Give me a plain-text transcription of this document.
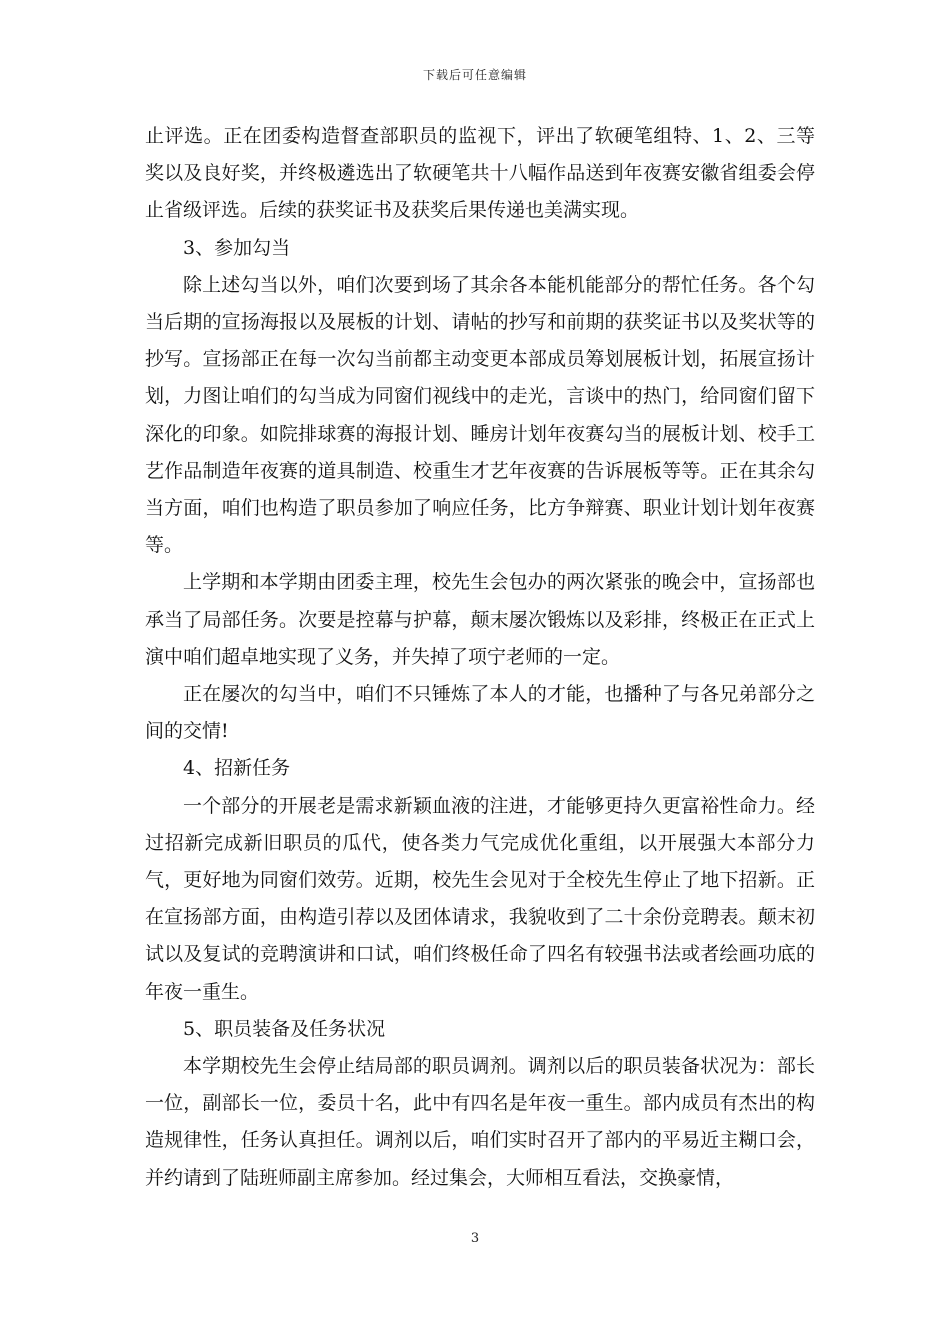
下载后可任意编辑

止评选。正在团委构造督查部职员的监视下，评出了软硬笔组特、1、2、三等奖以及良好奖，并终极遴选出了软硬笔共十八幅作品送到年夜赛安徽省组委会停止省级评选。后续的获奖证书及获奖后果传递也美满实现。

3、参加勾当

除上述勾当以外，咱们次要到场了其余各本能机能部分的帮忙任务。各个勾当后期的宣扬海报以及展板的计划、请帖的抄写和前期的获奖证书以及奖状等的抄写。宣扬部正在每一次勾当前都主动变更本部成员筹划展板计划，拓展宣扬计划，力图让咱们的勾当成为同窗们视线中的走光，言谈中的热门，给同窗们留下深化的印象。如院排球赛的海报计划、睡房计划年夜赛勾当的展板计划、校手工艺作品制造年夜赛的道具制造、校重生才艺年夜赛的告诉展板等等。正在其余勾当方面，咱们也构造了职员参加了响应任务，比方争辩赛、职业计划计划年夜赛等。

上学期和本学期由团委主理，校先生会包办的两次紧张的晚会中，宣扬部也承当了局部任务。次要是控幕与护幕，颠末屡次锻炼以及彩排，终极正在正式上演中咱们超卓地实现了义务，并失掉了项宁老师的一定。

正在屡次的勾当中，咱们不只锤炼了本人的才能，也播种了与各兄弟部分之间的交情!

4、招新任务

一个部分的开展老是需求新颖血液的注进，才能够更持久更富裕性命力。经过招新完成新旧职员的瓜代，使各类力气完成优化重组，以开展强大本部分力气，更好地为同窗们效劳。近期，校先生会见对于全校先生停止了地下招新。正在宣扬部方面，由构造引荐以及团体请求，我貌收到了二十余份竞聘表。颠末初试以及复试的竞聘演讲和口试，咱们终极任命了四名有较强书法或者绘画功底的年夜一重生。

5、职员装备及任务状况

本学期校先生会停止结局部的职员调剂。调剂以后的职员装备状况为：部长一位，副部长一位，委员十名，此中有四名是年夜一重生。部内成员有杰出的构造规律性，任务认真担任。调剂以后，咱们实时召开了部内的平易近主糊口会，并约请到了陆班师副主席参加。经过集会，大师相互看法，交换豪情，

3
